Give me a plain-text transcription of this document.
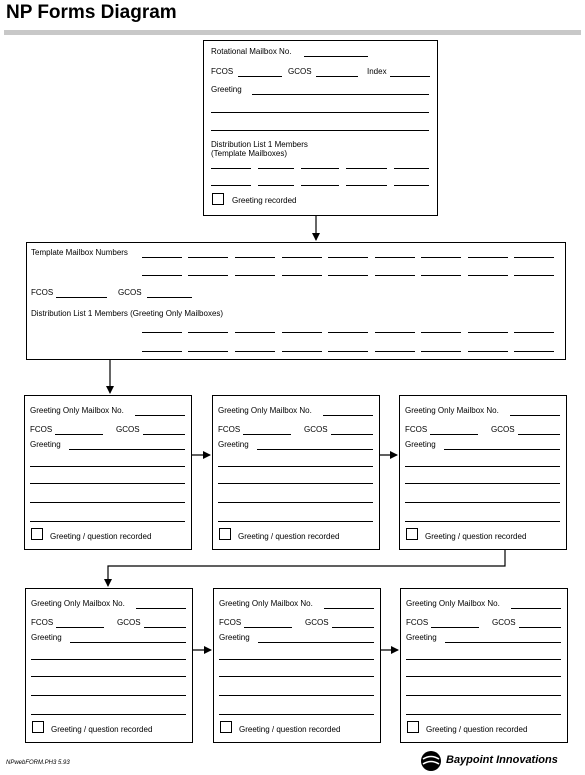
NP Forms Diagram
Rotational Mailbox No.
FCOS	GCOS	Index
Greeting
Distribution List 1 Members
(Template Mailboxes)
Greeting recorded
Template Mailbox Numbers
FCOS	GCOS
Distribution List 1 Members (Greeting Only Mailboxes)
Greeting Only Mailbox No.
FCOS	GCOS
Greeting
Greeting / question recorded
Greeting Only Mailbox No.
FCOS	GCOS
Greeting
Greeting / question recorded
Greeting Only Mailbox No.
FCOS	GCOS
Greeting
Greeting / question recorded
Greeting Only Mailbox No.
FCOS	GCOS
Greeting
Greeting / question recorded
Greeting Only Mailbox No.
FCOS	GCOS
Greeting
Greeting / question recorded
Greeting Only Mailbox No.
FCOS	GCOS
Greeting
Greeting / question recorded
NPwebFORM.PH3 5.93	Baypoint Innovations
